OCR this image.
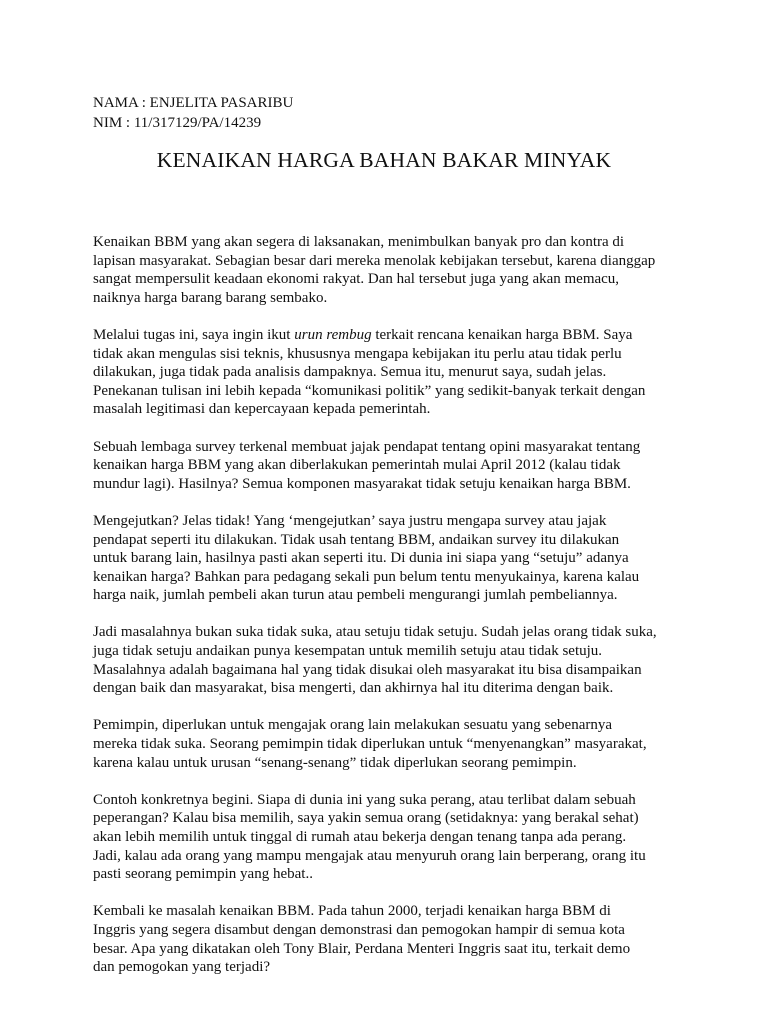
NAMA : ENJELITA PASARIBU
NIM : 11/317129/PA/14239
KENAIKAN HARGA BAHAN BAKAR MINYAK

Kenaikan BBM yang akan segera di laksanakan, menimbulkan banyak pro dan kontra di
lapisan masyarakat. Sebagian besar dari mereka menolak kebijakan tersebut, karena dianggap
sangat mempersulit keadaan ekonomi rakyat. Dan hal tersebut juga yang akan memacu,
naiknya harga barang barang sembako.

Melalui tugas ini, saya ingin ikut urun rembug terkait rencana kenaikan harga BBM. Saya
tidak akan mengulas sisi teknis, khususnya mengapa kebijakan itu perlu atau tidak perlu
dilakukan, juga tidak pada analisis dampaknya. Semua itu, menurut saya, sudah jelas.
Penekanan tulisan ini lebih kepada “komunikasi politik” yang sedikit-banyak terkait dengan
masalah legitimasi dan kepercayaan kepada pemerintah.

Sebuah lembaga survey terkenal membuat jajak pendapat tentang opini masyarakat tentang
kenaikan harga BBM yang akan diberlakukan pemerintah mulai April 2012 (kalau tidak
mundur lagi). Hasilnya? Semua komponen masyarakat tidak setuju kenaikan harga BBM.

Mengejutkan? Jelas tidak! Yang ‘mengejutkan’ saya justru mengapa survey atau jajak
pendapat seperti itu dilakukan. Tidak usah tentang BBM, andaikan survey itu dilakukan
untuk barang lain, hasilnya pasti akan seperti itu. Di dunia ini siapa yang “setuju” adanya
kenaikan harga? Bahkan para pedagang sekali pun belum tentu menyukainya, karena kalau
harga naik, jumlah pembeli akan turun atau pembeli mengurangi jumlah pembeliannya.

Jadi masalahnya bukan suka tidak suka, atau setuju tidak setuju. Sudah jelas orang tidak suka,
juga tidak setuju andaikan punya kesempatan untuk memilih setuju atau tidak setuju.
Masalahnya adalah bagaimana hal yang tidak disukai oleh masyarakat itu bisa disampaikan
dengan baik dan masyarakat, bisa mengerti, dan akhirnya hal itu diterima dengan baik.

Pemimpin, diperlukan untuk mengajak orang lain melakukan sesuatu yang sebenarnya
mereka tidak suka. Seorang pemimpin tidak diperlukan untuk “menyenangkan” masyarakat,
karena kalau untuk urusan “senang-senang” tidak diperlukan seorang pemimpin.

Contoh konkretnya begini. Siapa di dunia ini yang suka perang, atau terlibat dalam sebuah
peperangan? Kalau bisa memilih, saya yakin semua orang (setidaknya: yang berakal sehat)
akan lebih memilih untuk tinggal di rumah atau bekerja dengan tenang tanpa ada perang.
Jadi, kalau ada orang yang mampu mengajak atau menyuruh orang lain berperang, orang itu
pasti seorang pemimpin yang hebat..

Kembali ke masalah kenaikan BBM. Pada tahun 2000, terjadi kenaikan harga BBM di
Inggris yang segera disambut dengan demonstrasi dan pemogokan hampir di semua kota
besar. Apa yang dikatakan oleh Tony Blair, Perdana Menteri Inggris saat itu, terkait demo
dan pemogokan yang terjadi?
